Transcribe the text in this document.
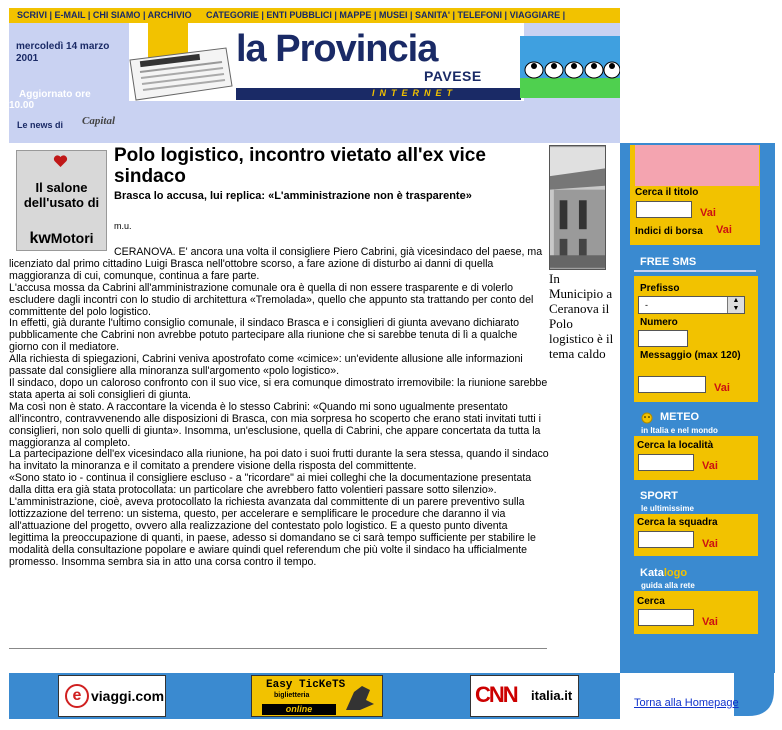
SCRIVI | E-MAIL | CHI SIAMO | ARCHIVIO CATEGORIE | ENTI PUBBLICI | MAPPE | MUSEI | SANITA' | TELEFONI | VIAGGIARE |
mercoledì 14 marzo 2001	la Provincia
PAVESE
INTERNET
Aggiornato ore
10.00
Le news di Capital
Il salone dell'usato di
kwMotori
Polo logistico, incontro vietato all'ex vice sindaco
Brasca lo accusa, lui replica: «L'amministrazione non è trasparente»
m.u.
In Municipio a Ceranova il Polo logistico è il tema caldo

CERANOVA. E' ancora una volta il consigliere Piero Cabrini, già vicesindaco del paese, ma licenziato dal primo cittadino Luigi Brasca nell'ottobre scorso, a fare azione di disturbo ai danni di quella maggioranza di cui, comunque, continua a fare parte.

L'accusa mossa da Cabrini all'amministrazione comunale ora è quella di non essere trasparente e di volerlo escludere dagli incontri con lo studio di architettura «Tremolada», quello che appunto sta trattando per conto del committente del polo logistico.

In effetti, già durante l'ultimo consiglio comunale, il sindaco Brasca e i consiglieri di giunta avevano dichiarato pubblicamente che Cabrini non avrebbe potuto partecipare alla riunione che si sarebbe tenuta di lì a qualche giorno con il mediatore.

Alla richiesta di spiegazioni, Cabrini veniva apostrofato come «cimice»: un'evidente allusione alle informazioni passate dal consigliere alla minoranza sull'argomento «polo logistico».

Il sindaco, dopo un caloroso confronto con il suo vice, si era comunque dimostrato irremovibile: la riunione sarebbe stata aperta ai soli consiglieri di giunta.

Ma così non è stato. A raccontare la vicenda è lo stesso Cabrini: «Quando mi sono ugualmente presentato all'incontro, contravvenendo alle disposizioni di Brasca, con mia sorpresa ho scoperto che erano stati invitati tutti i consiglieri, non solo quelli di giunta». Insomma, un'esclusione, quella di Cabrini, che appare concertata da tutta la maggioranza al completo.

La partecipazione dell'ex vicesindaco alla riunione, ha poi dato i suoi frutti durante la sera stessa, quando il sindaco ha invitato la minoranza e il comitato a prendere visione della risposta del committente.

«Sono stato io - continua il consigliere escluso - a "ricordare" ai miei colleghi che la documentazione presentata dalla ditta era già stata protocollata: un particolare che avrebbero fatto volentieri passare sotto silenzio».

L'amministrazione, cioè, aveva protocollato la richiesta avanzata dal committente di un parere preventivo sulla lottizzazione del terreno: un sistema, questo, per accelerare e semplificare le procedure che daranno il via all'attuazione del progetto, ovvero alla realizzazione del contestato polo logistico. E a questo punto diventa legittima la preoccupazione di quanti, in paese, adesso si domandano se ci sarà tempo sufficiente per stabilire le modalità della consultazione popolare e awiare quindi quel referendum che più volte il sindaco ha ufficialmente promesso. Insomma sembra sia in atto una corsa contro il tempo.

Cerca il titolo
Vai
Indici di borsa Vai
FREE SMS
Prefisso
-	▲
▼
Numero
Messaggio (max 120)
Vai
METEO
in Italia e nel mondo
Cerca la località
Vai
SPORT
le ultimissime
Cerca la squadra
Vai
Katalogo
guida alla rete
Cerca
Vai
e viaggi.com
Easy TicKeTS
biglietteria
online
CNN italia.it	Torna alla Homepage
